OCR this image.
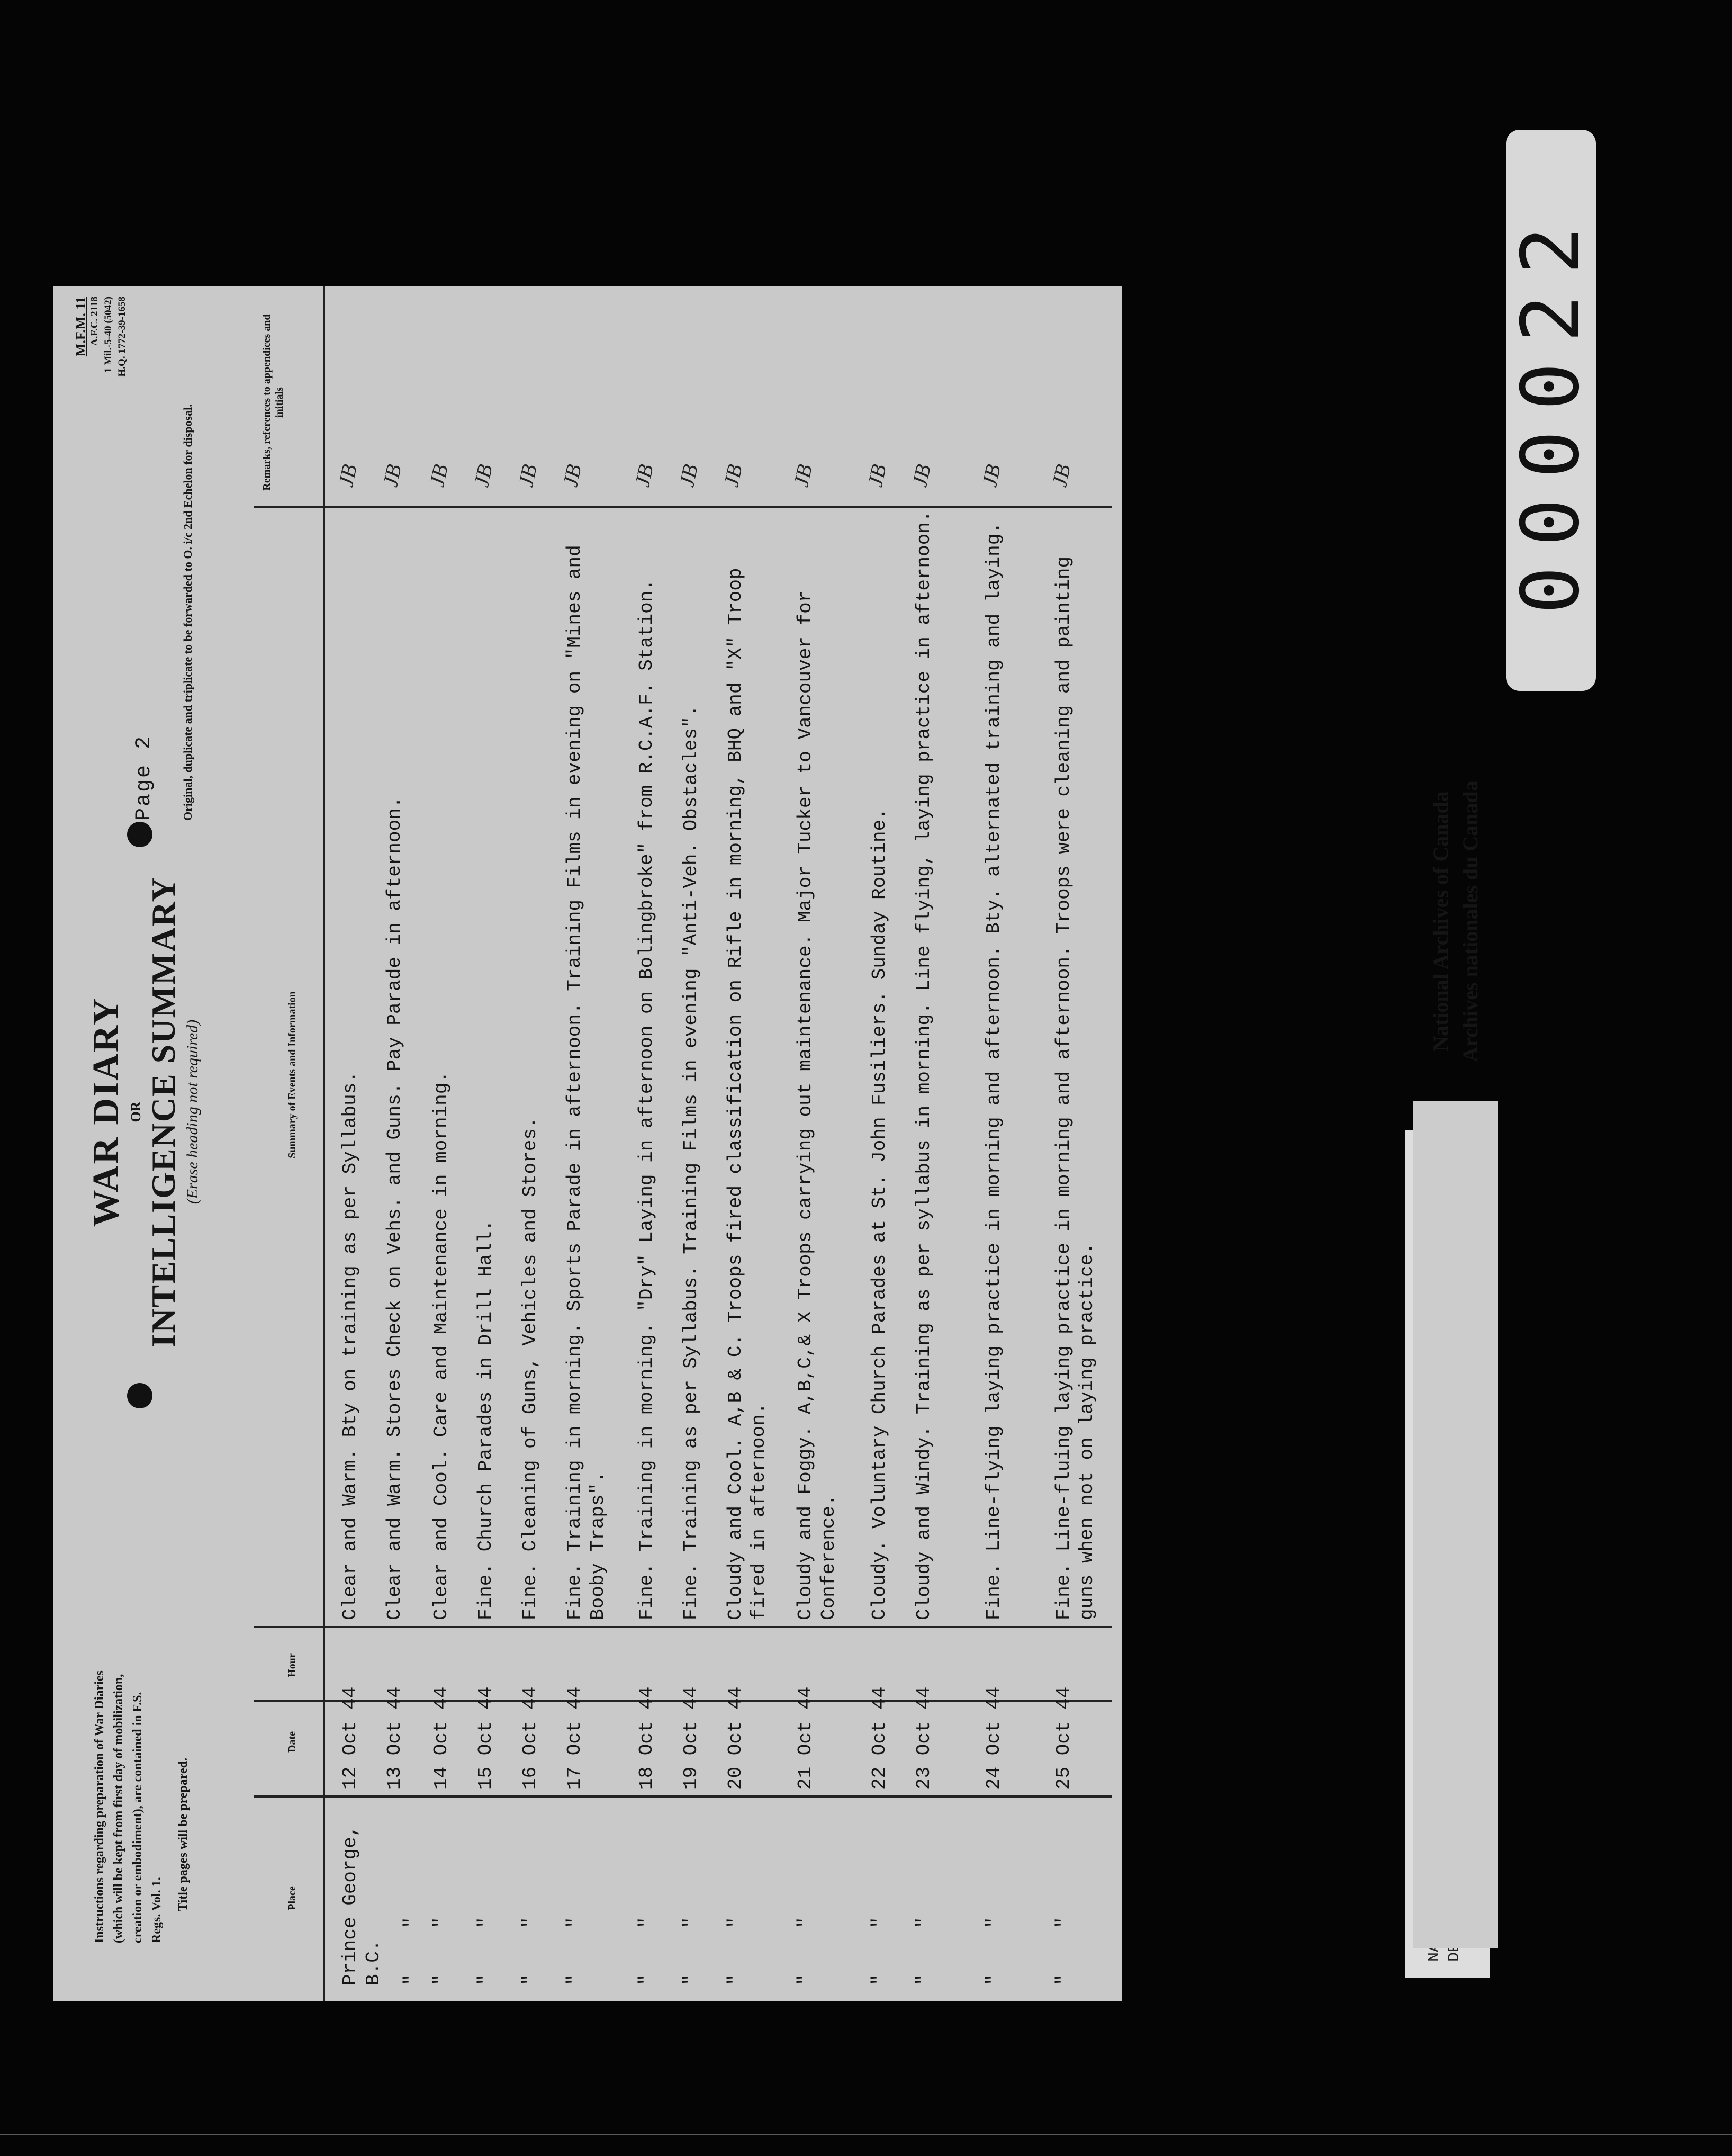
Instructions regarding preparation of War Diaries (which will be kept from first day of mobilization, creation or embodiment), are contained in F.S. Regs. Vol. 1. Title pages will be prepared.
WAR DIARY OR INTELLIGENCE SUMMARY (Erase heading not required)
Page 2 Original, duplicate and triplicate to be forwarded to O. i/c 2nd Echelon for disposal.
M.F.M. 11 A.F.C. 2118 1 Mil.-5-40 (5042) H.Q. 1772-39-1658
Place
Date
Hour
Summary of Events and Information
Remarks, references to appendices and initials
Prince George, B.C.
12 Oct 44
Clear and Warm. Bty on training as per Syllabus.
JB
"    "
13 Oct 44
Clear and Warm. Stores Check on Vehs. and Guns. Pay Parade in afternoon.
JB
"    "
14 Oct 44
Clear and Cool. Care and Maintenance in morning.
JB
"    "
15 Oct 44
Fine. Church Parades in Drill Hall.
JB
"    "
16 Oct 44
Fine. Cleaning of Guns, Vehicles and Stores.
JB
"    "
17 Oct 44
Fine. Training in morning. Sports Parade in afternoon. Training Films in evening on "Mines and Booby Traps".
JB
"    "
18 Oct 44
Fine. Training in morning. "Dry" Laying in afternoon on Bolingbroke" from R.C.A.F. Station.
JB
"    "
19 Oct 44
Fine. Training as per Syllabus. Training Films in evening "Anti-Veh. Obstacles".
JB
"    "
20 Oct 44
Cloudy and Cool. A,B & C. Troops fired classification on Rifle in morning, BHQ and "X" Troop fired in afternoon.
JB
"    "
21 Oct 44
Cloudy and Foggy. A,B,C,& X Troops carrying out maintenance. Major Tucker to Vancouver for Conference.
JB
"    "
22 Oct 44
Cloudy. Voluntary Church Parades at St. John Fusiliers. Sunday Routine.
JB
"    "
23 Oct 44
Cloudy and Windy. Training as per syllabus in morning. Line flying, laying practice in afternoon.
JB
"    "
24 Oct 44
Fine. Line-flying laying practice in morning and afternoon. Bty. alternated training and laying.
JB
"    "
25 Oct 44
Fine. Line-fluing laying practice in morning and afternoon. Troops were cleaning and painting guns when not on laying practice.
JB
National Archives of Canada Archives nationales du Canada
000022
